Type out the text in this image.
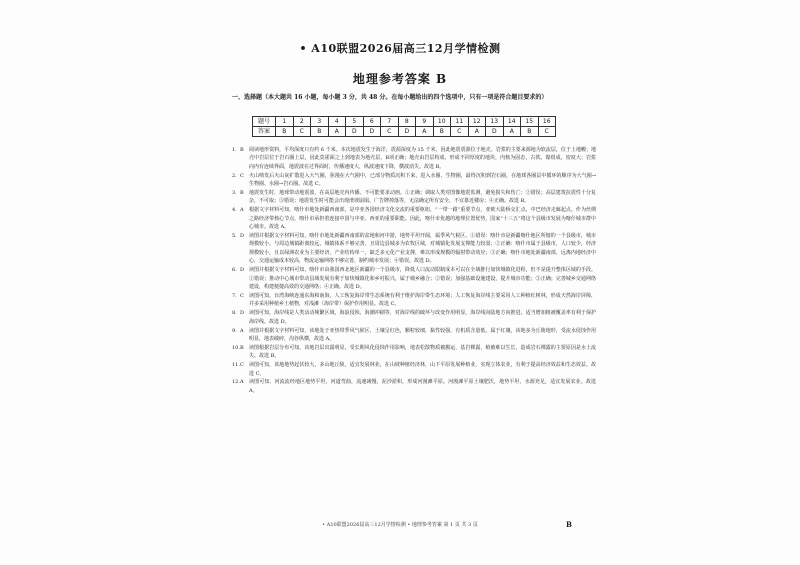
• A10联盟2026届高三12月学情检测
地理参考答案 B
一、选择题（本大题共 16 小题，每小题 3 分，共 48 分。在每小题给出的四个选项中，只有一项是符合题目要求的）
题号	1	2	3	4	5	6	7	8	9	10	11	12	13	14	15	16
答案	B	C	B	A	D	D	C	D	A	B	C	A	D	A	B	C
1. B	阅读地形资料，平均深度只有约 6 千米。本次地震发生于海洋，震源深度为 15 千米，因此地震震源位于地壳。岩浆的主要来源地为软流层，位于上地幔；地壳中岩层位于岩石圈上层，因此莫霍面之上到地表为地壳层，B项正确；地壳由岩层构成、形成不同厚度的地块，内核为固态，古铁、镍组成，密度大；岩浆向内有连续界面，地震波在过界面时，传播速度大，纵波速度下降，横波消失。故选 B。
2. C	火山喷发后火山灰扩散进入大气圈，弥漫在大气圈中，已部分物质沉积下来，进入水圈、生物圈，最终沉积到岩石圈，在地球各圈层中循环的顺序为大气圈→生物圈、水圈→岩石圈。故选 C。
3. B	地震发生时，地球带动地震波，在高层地壳内传播。不可能要求动画。①正确；调取人类对图像地震监测，避免损失和伤亡；②错误；高层建筑抗震性十分复杂，不可取；③错误；地震发生时可能会出现滑坡崩塌、广告牌掉落等，无法确定所有安全，不宜靠近楼房；④正确。故选 B。
4. A	根据文字材料可知，喀什市地处新疆西南部，是中亚各国经济文化交流的重要枢纽，“一带一路”重要节点，亚欧大陆桥交汇点、中巴经济走廊起点。作为丝绸之路经济带核心节点，喀什市承担着连接中国与中亚、西亚的重要职能。因此，喀什市优越的地理位置优势，国家“十三五”将这个县级市发展为喀什城市群中心城市。故选 A。
5. D 读图并根据文字材料可知，喀什市地处新疆西南部的盆地和河中游，地势平坦开阔，属季风气候区。①错误：喀什市是新疆喀什地区所辖的一个县级市，城市规模较小，与周边城镇距离较远，城镇体系不够完善，且周边县城多为农牧区域，对城镇化发展支撑能力较弱；②正确：喀什市属于县级市，人口较少，经济规模较小，且以绿洲农业为主要经济，产业结构单一，缺乏多元化产业支撑，难以形成规模的辐射带动效应；③正确；喀什市地处新疆南部，远离内地经济中心，交通运输成本较高，物流运输网络不够完善，制约城市发展；④错误。故选 D。
6. D 读图并根据文字材料可知，喀什市由我国西北地区新疆的一个县级市，降低人口流动限制成本可以在全域推行加快城镇化进程，但不是提升整体区域的手段。①错误；推动中心城市带动县域发展有利于加快城镇化和乡村振兴，属于城乡融合；②错误；加强基础设施建设，提升城市功能；③正确；完善城乡交通网络建设，构建便捷高效的交通网络；④正确。故选 D。
7. C	读图可知，台湾海峡连通东海和南海，人工恢复海岸带生态系统有利于维护海岸带生态环境；人工恢复海岸线主要采用人工种植红树林，形成天然海岸屏障，并多采用种植乡土植物，对浅滩（海岸带）保护作用明显。故选 C。
8. D 读图可知，海岸线是人类活动频繁区域，海浪侵蚀、海潮冲刷等，对海岸线的破坏与改变作用明显，海岸线向陆地方向推进。适当增加植被覆盖率有利于保护海岸线。故选 D。
9. A	读图并根据文字材料可知，该地处于亚热带季风气候区，土壤呈红色，颗粒较细，黏性较强，有机质含量低，属于红壤，该地多为丘陵地形，受流水侵蚀作用明显，地表破碎，沟谷纵横，故选 A。
10. B	读图根据岩层分布可知，该地岩层出露明显，受长期风化侵蚀作用影响，地表松散物质被搬运，基岩裸露，植被难以生长，造成岩石裸露的主要原因是水土流失。故选 B。
11. C	读图可知，该地地势起伏较大，多山地丘陵，适宜发展林业，在山坡种植经济林，山下平原发展种植业，实现立体农业，有利于提高经济效益和生态效益。故选 C。
12. A	读图可知，河流流经地区地势平坦，河道弯曲，流速减慢，泥沙淤积，形成河漫滩平原。河漫滩平原土壤肥沃，地势平坦，水源充足，适宜发展农业。故选 A。
• A10联盟2026届高三12月学情检测 • 地理参考答案 第 1 页 共 3 页	B
